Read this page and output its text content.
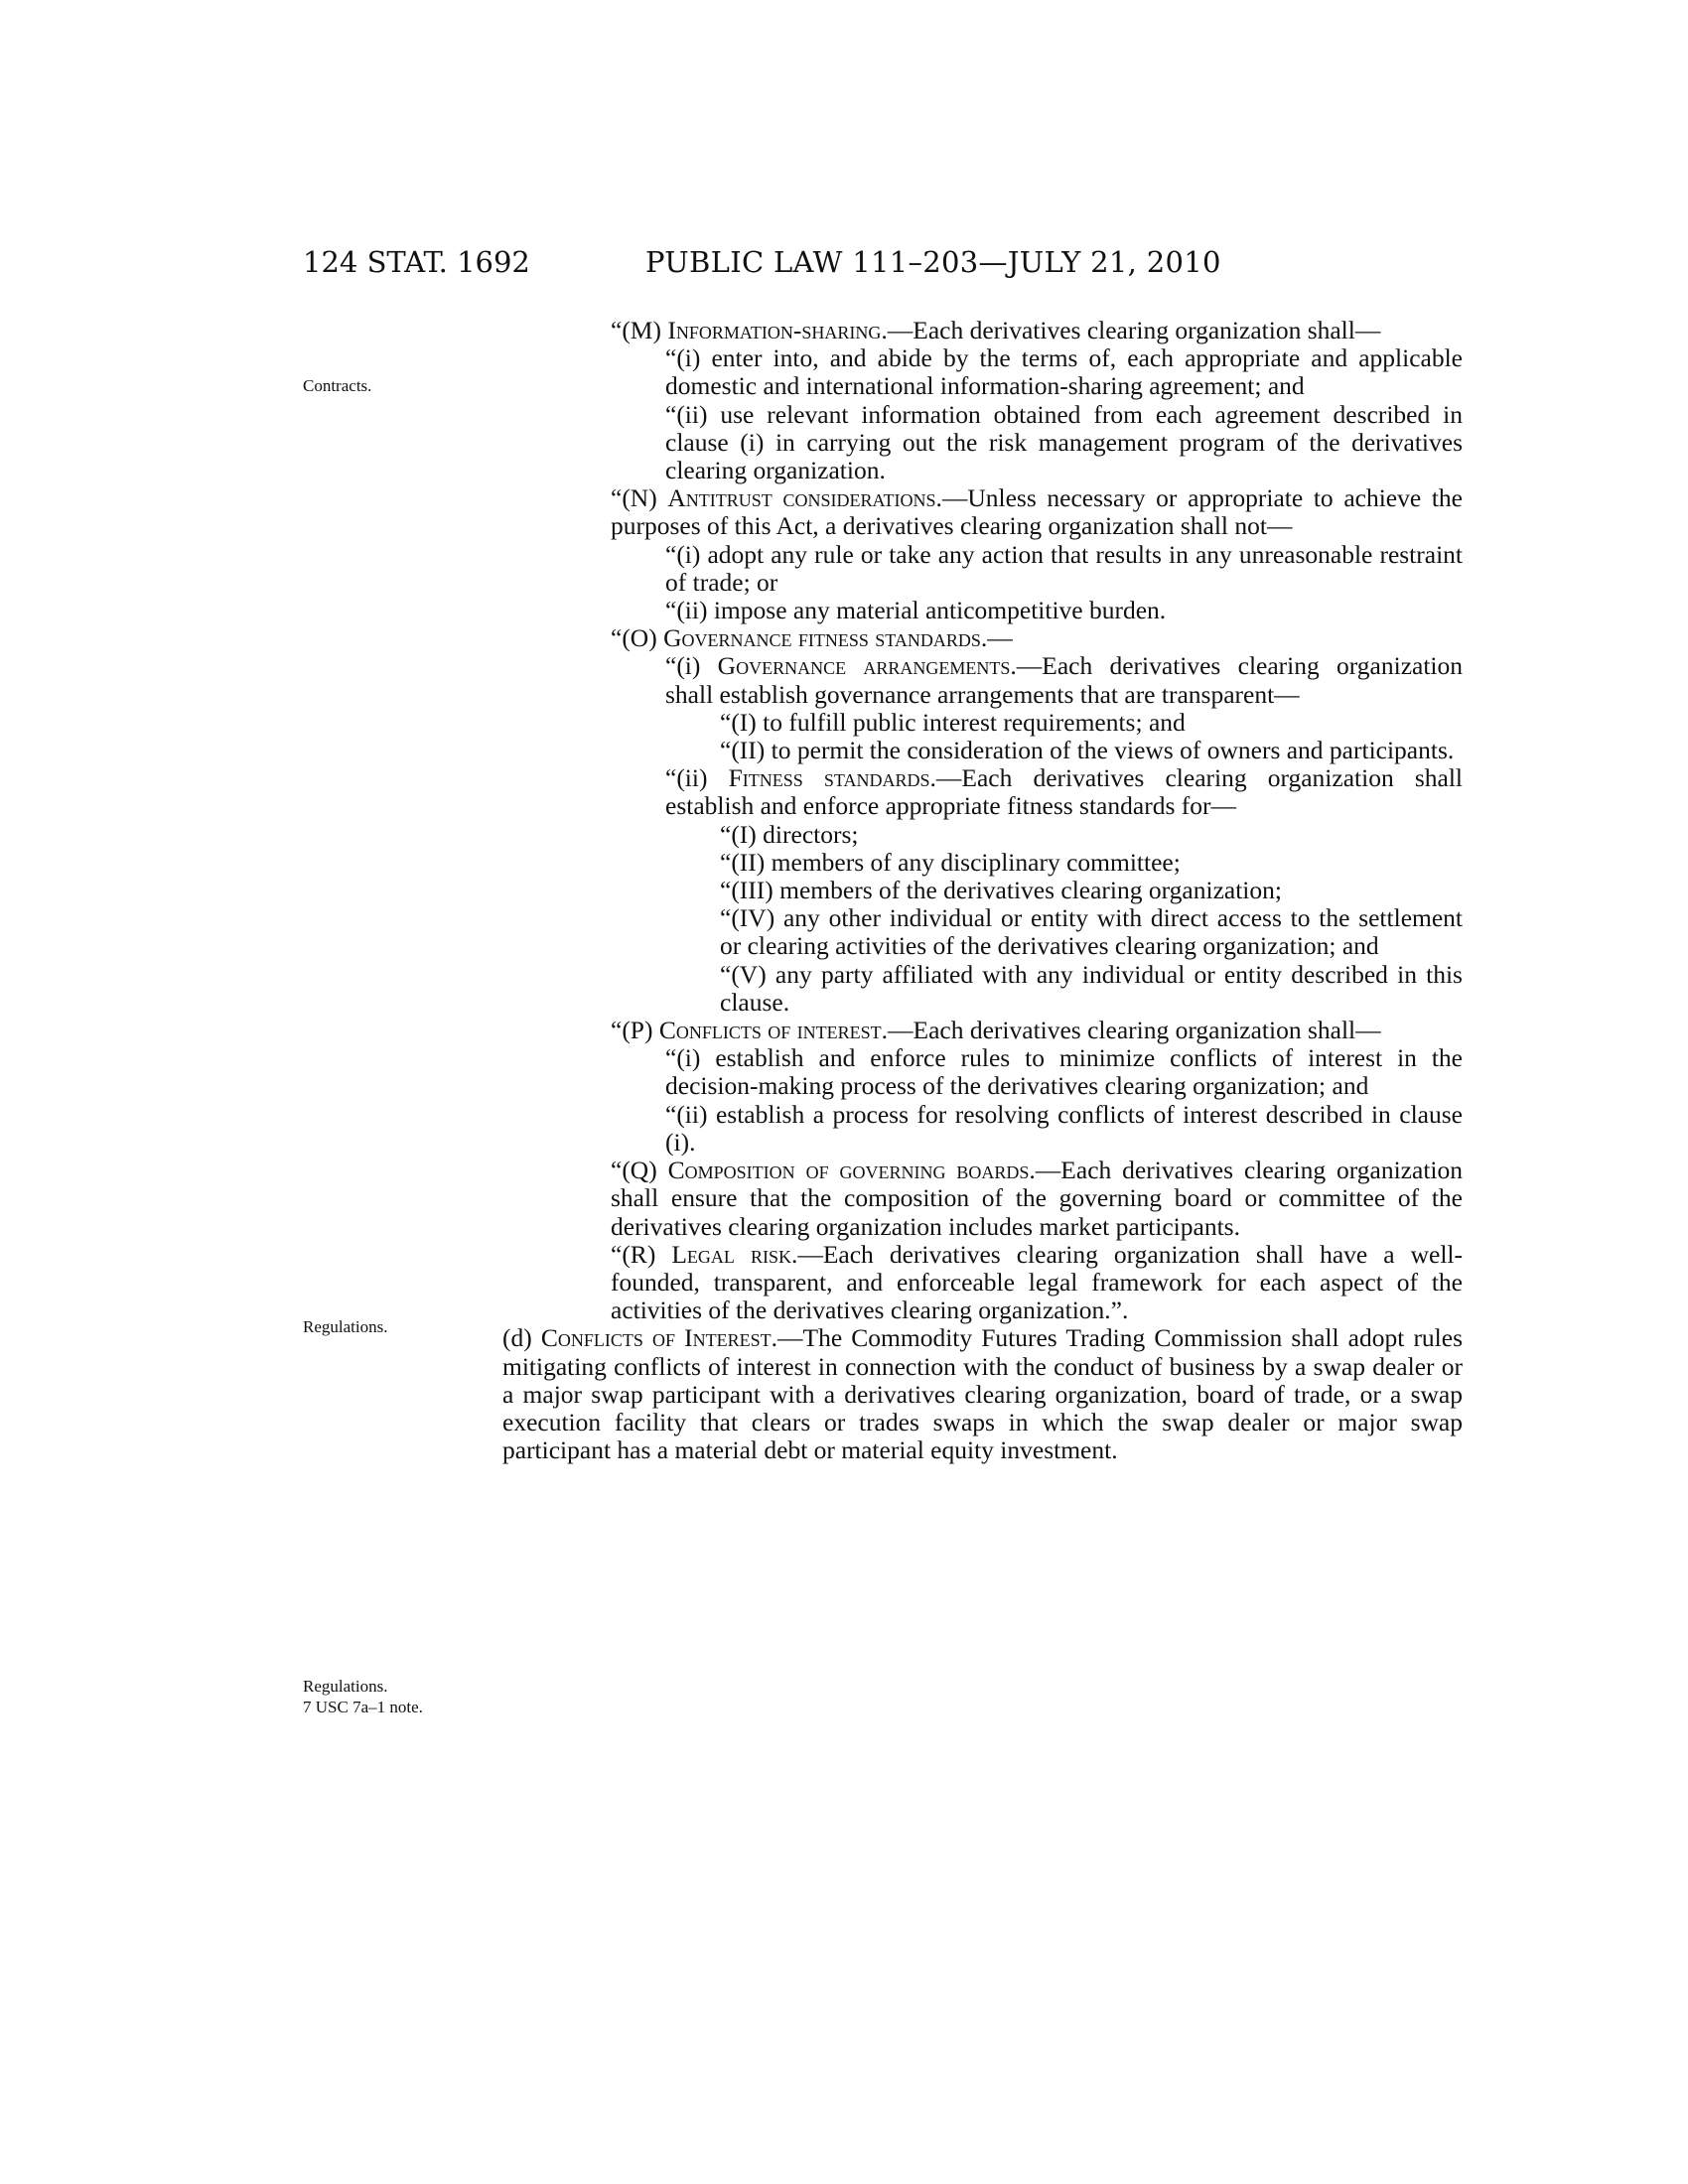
124 STAT. 1692	PUBLIC LAW 111–203—JULY 21, 2010
Contracts.
Regulations.
Regulations.
7 USC 7a–1 note.

“(M) Information-sharing.—Each derivatives clearing organization shall—

“(i) enter into, and abide by the terms of, each appropriate and applicable domestic and international information-sharing agreement; and

“(ii) use relevant information obtained from each agreement described in clause (i) in carrying out the risk management program of the derivatives clearing organization.

“(N) Antitrust considerations.—Unless necessary or appropriate to achieve the purposes of this Act, a derivatives clearing organization shall not—

“(i) adopt any rule or take any action that results in any unreasonable restraint of trade; or

“(ii) impose any material anticompetitive burden.

“(O) Governance fitness standards.—

“(i) Governance arrangements.—Each derivatives clearing organization shall establish governance arrangements that are transparent—

“(I) to fulfill public interest requirements; and

“(II) to permit the consideration of the views of owners and participants.

“(ii) Fitness standards.—Each derivatives clearing organization shall establish and enforce appropriate fitness standards for—

“(I) directors;

“(II) members of any disciplinary committee;

“(III) members of the derivatives clearing organization;

“(IV) any other individual or entity with direct access to the settlement or clearing activities of the derivatives clearing organization; and

“(V) any party affiliated with any individual or entity described in this clause.

“(P) Conflicts of interest.—Each derivatives clearing organization shall—

“(i) establish and enforce rules to minimize conflicts of interest in the decision-making process of the derivatives clearing organization; and

“(ii) establish a process for resolving conflicts of interest described in clause (i).

“(Q) Composition of governing boards.—Each derivatives clearing organization shall ensure that the composition of the governing board or committee of the derivatives clearing organization includes market participants.

“(R) Legal risk.—Each derivatives clearing organization shall have a well-founded, transparent, and enforceable legal framework for each aspect of the activities of the derivatives clearing organization.”.

(d) Conflicts of Interest.—The Commodity Futures Trading Commission shall adopt rules mitigating conflicts of interest in connection with the conduct of business by a swap dealer or a major swap participant with a derivatives clearing organization, board of trade, or a swap execution facility that clears or trades swaps in which the swap dealer or major swap participant has a material debt or material equity investment.
